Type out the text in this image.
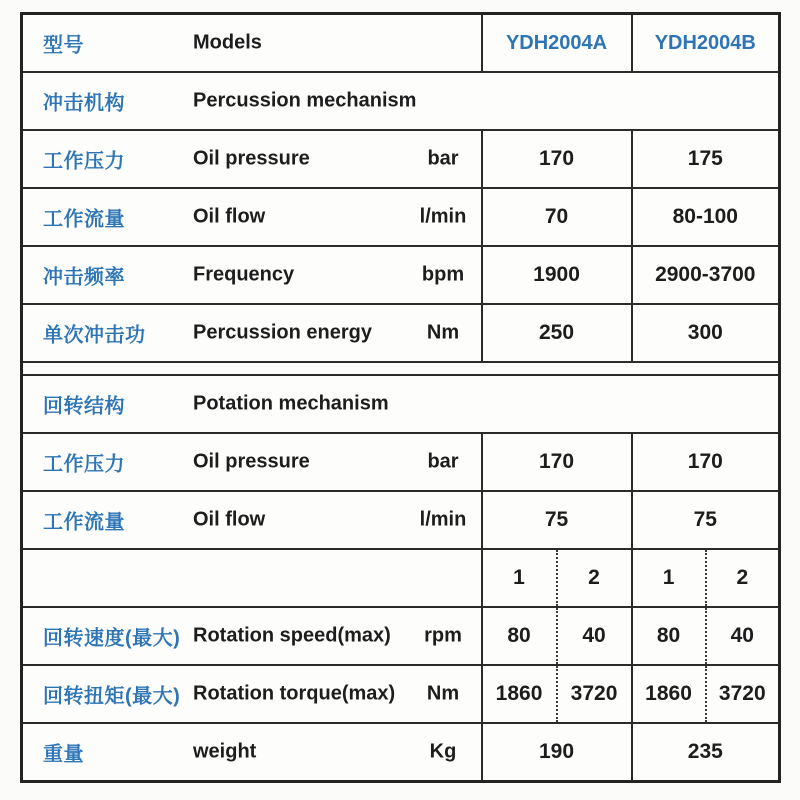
型号 Models	YDH2004A		YDH2004B	

冲击机构 Percussion mechanism				

工作压力 Oil pressure bar	170		175	

工作流量 Oil flow l/min	70		80-100	

冲击频率 Frequency bpm	1900		2900-3700	

单次冲击功 Percussion energy Nm	250		300	

回转结构 Potation mechanism				

工作压力 Oil pressure bar	170		170	

工作流量 Oil flow l/min	75		75	
	1	2	1	2

回转速度(最大) Rotation speed(max) rpm	80	40	80	40

回转扭矩(最大) Rotation torque(max) Nm	1860	3720	1860	3720

重量 weight Kg	190		235	
